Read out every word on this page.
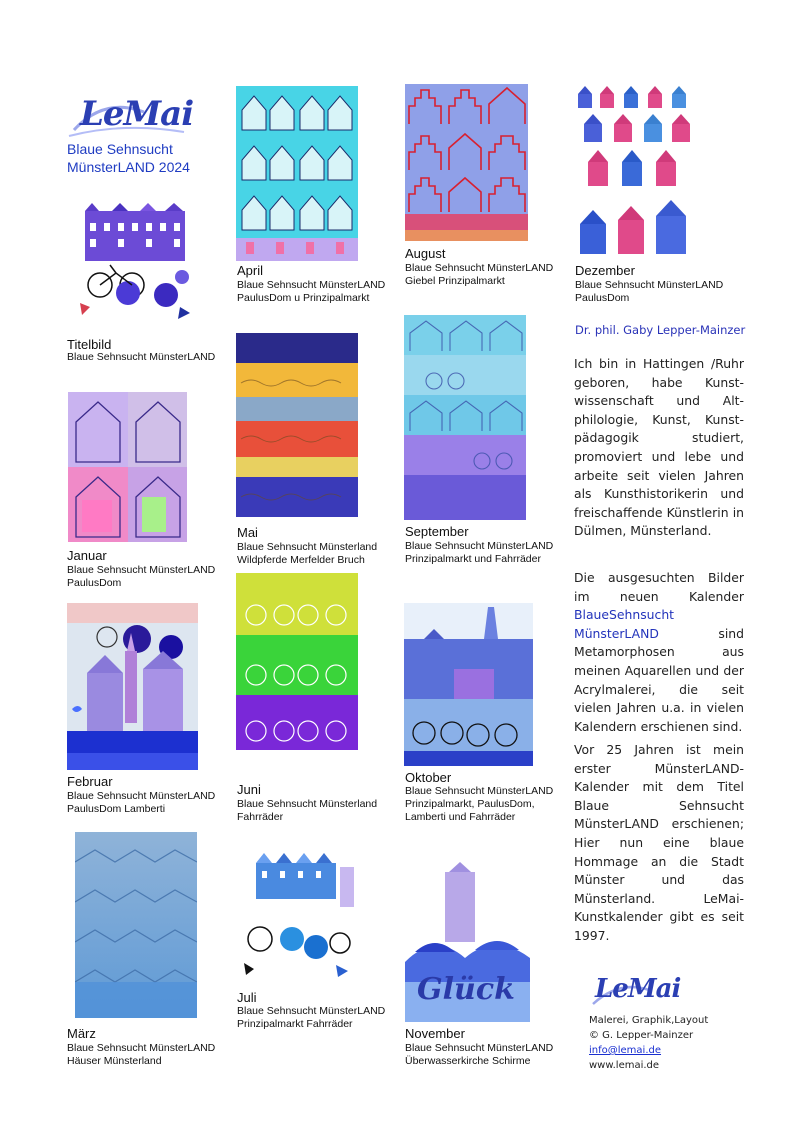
LeMai
Blaue Sehnsucht
MünsterLAND 2024
Titelbild
Blaue Sehnsucht MünsterLAND
Januar
Blaue Sehnsucht MünsterLAND
PaulusDom
Februar
Blaue Sehnsucht MünsterLAND
PaulusDom Lamberti
März
Blaue Sehnsucht MünsterLAND
Häuser Münsterland
April
Blaue Sehnsucht MünsterLAND
PaulusDom u Prinzipalmarkt
Mai
Blaue Sehnsucht Münsterland
Wildpferde Merfelder Bruch
Juni
Blaue Sehnsucht Münsterland
Fahrräder
Juli
Blaue Sehnsucht MünsterLAND
Prinzipalmarkt Fahrräder
August
Blaue Sehnsucht MünsterLAND
Giebel Prinzipalmarkt
September
Blaue Sehnsucht MünsterLAND
Prinzipalmarkt und Fahrräder
Oktober
Blaue Sehnsucht MünsterLAND
Prinzipalmarkt, PaulusDom,
Lamberti und Fahrräder
Glück
November
Blaue Sehnsucht MünsterLAND
Überwasserkirche Schirme
Dezember
Blaue Sehnsucht MünsterLAND
PaulusDom
Dr. phil. Gaby Lepper-Mainzer
Ich bin in Hattingen /Ruhr geboren, habe Kunst-wissenschaft und Alt-philologie, Kunst, Kunst-pädagogik studiert, promoviert und lebe und arbeite seit vielen Jahren als Kunsthistorikerin und freischaffende Künstlerin in Dülmen, Münsterland.
Die ausgesuchten Bilder im neuen Kalender BlaueSehnsucht MünsterLAND	sind Metamorphosen aus meinen Aquarellen und der Acrylmalerei, die seit vielen Jahren u.a. in vielen Kalendern erschienen sind.
Vor 25 Jahren ist mein erster MünsterLAND-Kalender mit dem Titel Blaue Sehnsucht MünsterLAND erschienen; Hier nun eine blaue Hommage an die Stadt Münster und das Münsterland. LeMai-Kunstkalender gibt es seit 1997.
LeMai
Malerei, Graphik,Layout
© G. Lepper-Mainzer
info@lemai.de
www.lemai.de
